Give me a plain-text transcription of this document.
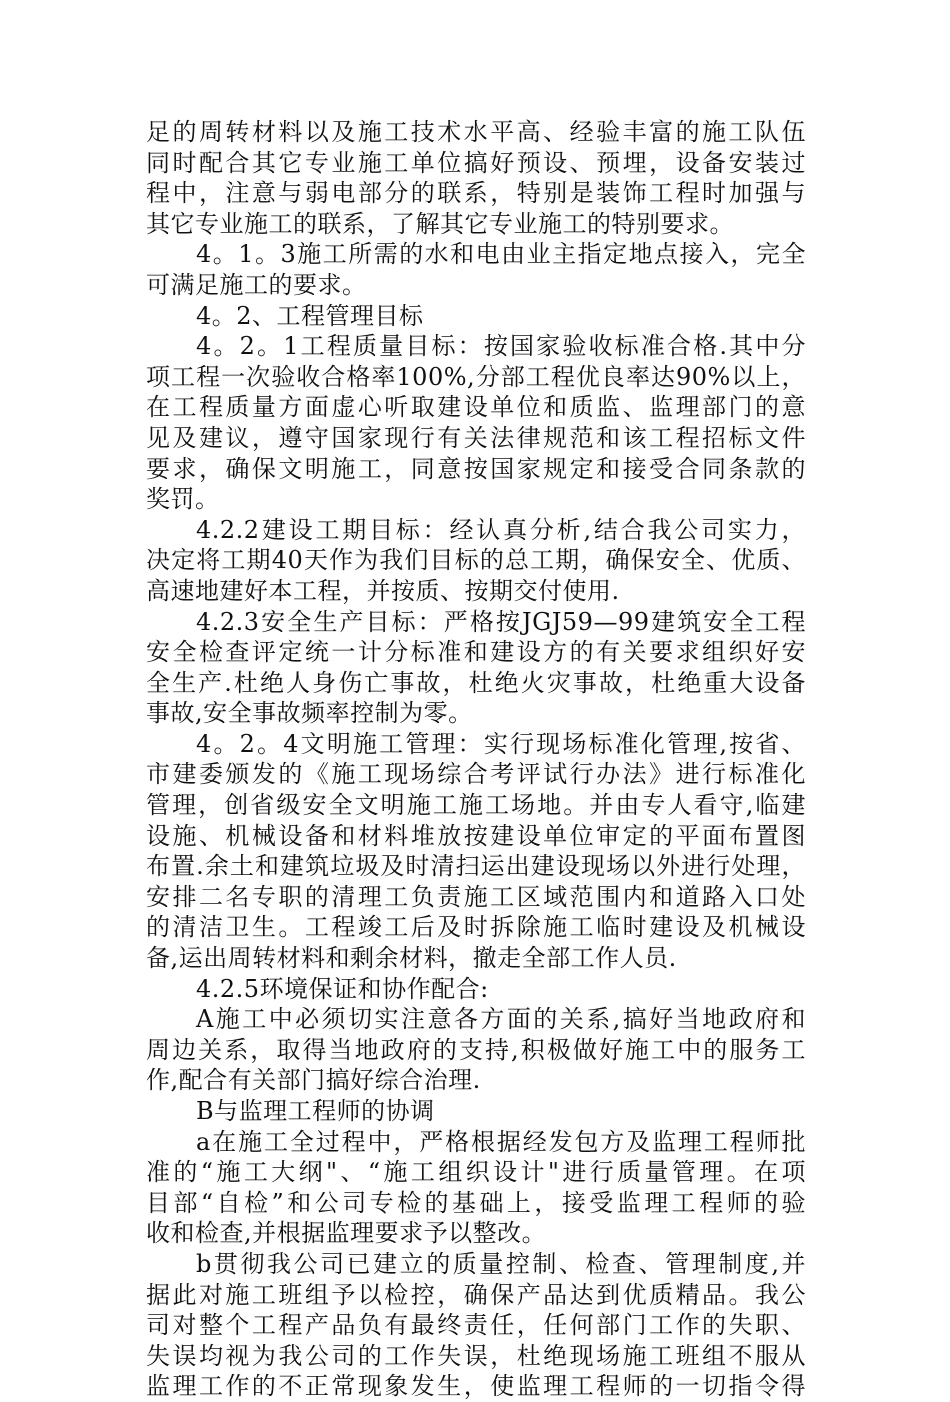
足的周转材料以及施工技术水平高、经验丰富的施工队伍
同时配合其它专业施工单位搞好预设、预埋，设备安装过
程中，注意与弱电部分的联系，特别是装饰工程时加强与
其它专业施工的联系，了解其它专业施工的特别要求。
4。1。3施工所需的水和电由业主指定地点接入，完全
可满足施工的要求。
4。2、工程管理目标
4。2。1工程质量目标：按国家验收标准合格.其中分
项工程一次验收合格率100%,分部工程优良率达90%以上，
在工程质量方面虚心听取建设单位和质监、监理部门的意
见及建议，遵守国家现行有关法律规范和该工程招标文件
要求，确保文明施工，同意按国家规定和接受合同条款的
奖罚。
4.2.2建设工期目标：经认真分析,结合我公司实力，
决定将工期40天作为我们目标的总工期，确保安全、优质、
高速地建好本工程，并按质、按期交付使用.
4.2.3安全生产目标：严格按JGJ59—99建筑安全工程
安全检查评定统一计分标准和建设方的有关要求组织好安
全生产.杜绝人身伤亡事故，杜绝火灾事故，杜绝重大设备
事故,安全事故频率控制为零。
4。2。4文明施工管理：实行现场标准化管理,按省、
市建委颁发的《施工现场综合考评试行办法》进行标准化
管理，创省级安全文明施工施工场地。并由专人看守,临建
设施、机械设备和材料堆放按建设单位审定的平面布置图
布置.余土和建筑垃圾及时清扫运出建设现场以外进行处理，
安排二名专职的清理工负责施工区域范围内和道路入口处
的清洁卫生。工程竣工后及时拆除施工临时建设及机械设
备,运出周转材料和剩余材料，撤走全部工作人员.
4.2.5环境保证和协作配合:
A施工中必须切实注意各方面的关系,搞好当地政府和
周边关系，取得当地政府的支持,积极做好施工中的服务工
作,配合有关部门搞好综合治理.
B与监理工程师的协调
a在施工全过程中，严格根据经发包方及监理工程师批
准的“施工大纲"、“施工组织设计"进行质量管理。在项
目部“自检”和公司专检的基础上，接受监理工程师的验
收和检查,并根据监理要求予以整改。
b贯彻我公司已建立的质量控制、检查、管理制度,并
据此对施工班组予以检控，确保产品达到优质精品。我公
司对整个工程产品负有最终责任，任何部门工作的失职、
失误均视为我公司的工作失误，杜绝现场施工班组不服从
监理工作的不正常现象发生，使监理工程师的一切指令得
